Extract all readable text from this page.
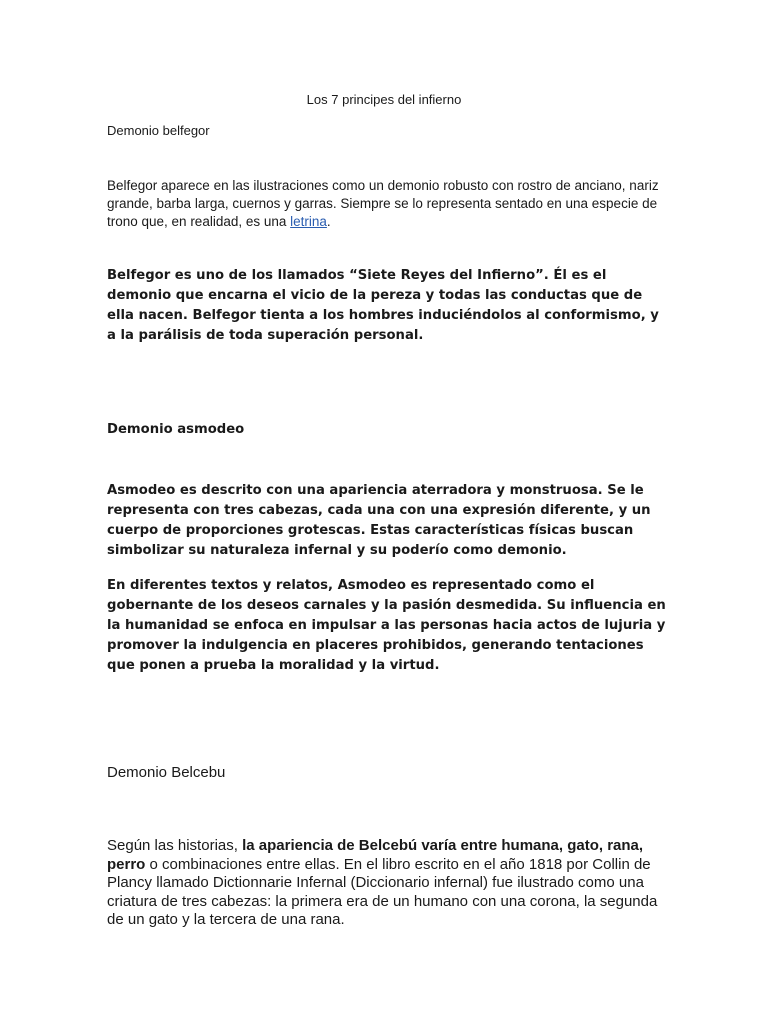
Los 7 principes del infierno

Demonio belfegor

Belfegor aparece en las ilustraciones como un demonio robusto con rostro de anciano, nariz grande, barba larga, cuernos y garras. Siempre se lo representa sentado en una especie de trono que, en realidad, es una letrina.

Belfegor es uno de los llamados “Siete Reyes del Infierno”. Él es el demonio que encarna el vicio de la pereza y todas las conductas que de ella nacen. Belfegor tienta a los hombres induciéndolos al conformismo, y a la parálisis de toda superación personal.

Demonio asmodeo

Asmodeo es descrito con una apariencia aterradora y monstruosa. Se le representa con tres cabezas, cada una con una expresión diferente, y un cuerpo de proporciones grotescas. Estas características físicas buscan simbolizar su naturaleza infernal y su poderío como demonio.

En diferentes textos y relatos, Asmodeo es representado como el gobernante de los deseos carnales y la pasión desmedida. Su influencia en la humanidad se enfoca en impulsar a las personas hacia actos de lujuria y promover la indulgencia en placeres prohibidos, generando tentaciones que ponen a prueba la moralidad y la virtud.

Demonio Belcebu

Según las historias, la apariencia de Belcebú varía entre humana, gato, rana, perro o combinaciones entre ellas. En el libro escrito en el año 1818 por Collin de Plancy llamado Dictionnarie Infernal (Diccionario infernal) fue ilustrado como una criatura de tres cabezas: la primera era de un humano con una corona, la segunda de un gato y la tercera de una rana.
